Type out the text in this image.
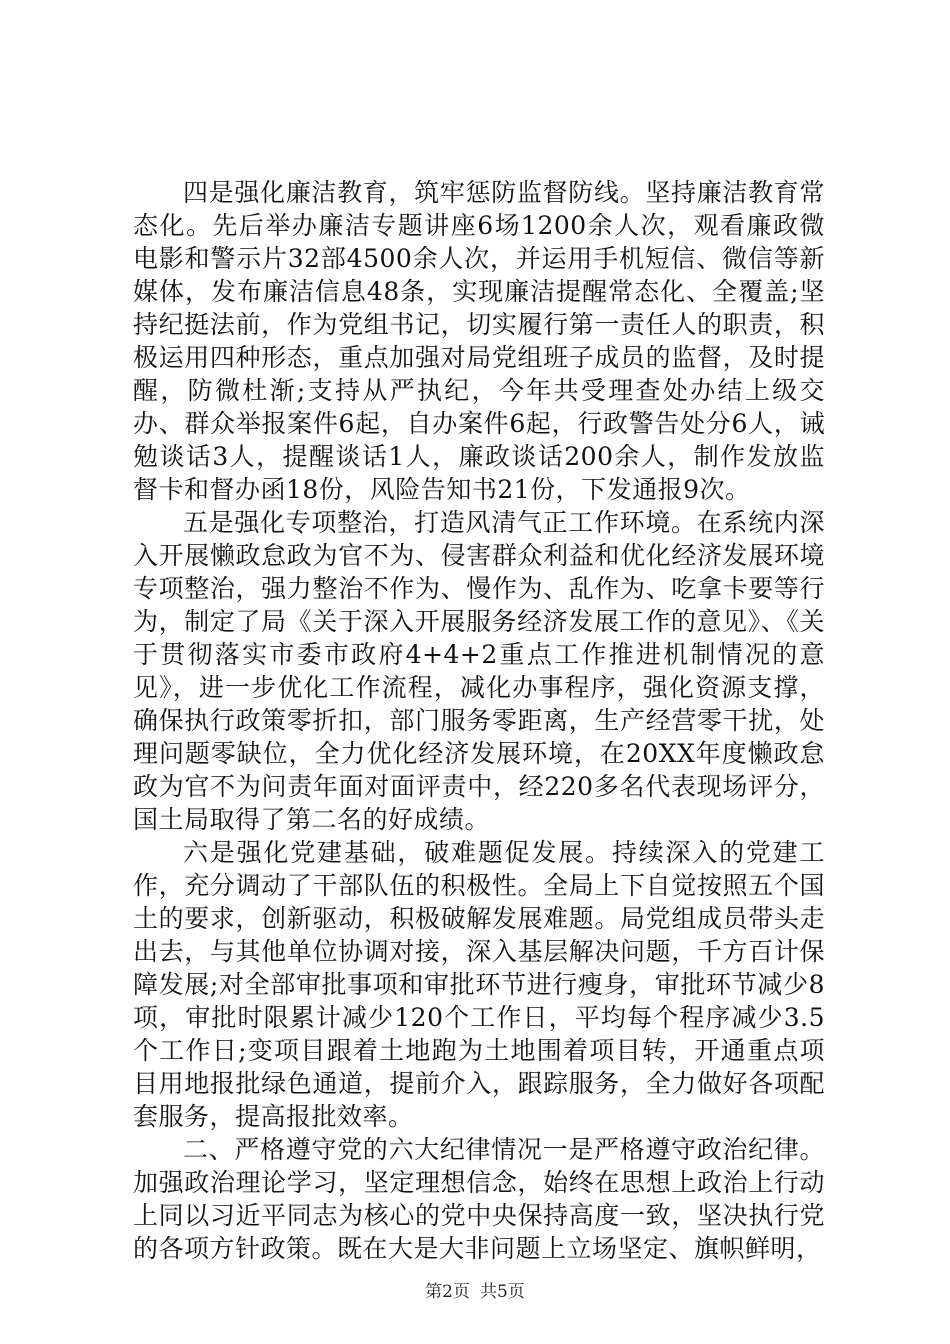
四是强化廉洁教育，筑牢惩防监督防线。坚持廉洁教育常态化。先后举办廉洁专题讲座6场1200余人次，观看廉政微电影和警示片32部4500余人次，并运用手机短信、微信等新媒体，发布廉洁信息48条，实现廉洁提醒常态化、全覆盖;坚持纪挺法前，作为党组书记，切实履行第一责任人的职责，积极运用四种形态，重点加强对局党组班子成员的监督，及时提醒，防微杜渐;支持从严执纪，今年共受理查处办结上级交办、群众举报案件6起，自办案件6起，行政警告处分6人，诫勉谈话3人，提醒谈话1人，廉政谈话200余人，制作发放监督卡和督办函18份，风险告知书21份，下发通报9次。

五是强化专项整治，打造风清气正工作环境。在系统内深入开展懒政怠政为官不为、侵害群众利益和优化经济发展环境专项整治，强力整治不作为、慢作为、乱作为、吃拿卡要等行为，制定了局《关于深入开展服务经济发展工作的意见》、《关于贯彻落实市委市政府4+4+2重点工作推进机制情况的意见》，进一步优化工作流程，减化办事程序，强化资源支撑，确保执行政策零折扣，部门服务零距离，生产经营零干扰，处理问题零缺位，全力优化经济发展环境，在20XX年度懒政怠政为官不为问责年面对面评责中，经220多名代表现场评分，国土局取得了第二名的好成绩。

六是强化党建基础，破难题促发展。持续深入的党建工作，充分调动了干部队伍的积极性。全局上下自觉按照五个国土的要求，创新驱动，积极破解发展难题。局党组成员带头走出去，与其他单位协调对接，深入基层解决问题，千方百计保障发展;对全部审批事项和审批环节进行瘦身，审批环节减少8项，审批时限累计减少120个工作日，平均每个程序减少3.5个工作日;变项目跟着土地跑为土地围着项目转，开通重点项目用地报批绿色通道，提前介入，跟踪服务，全力做好各项配套服务，提高报批效率。

二、严格遵守党的六大纪律情况一是严格遵守政治纪律。加强政治理论学习，坚定理想信念，始终在思想上政治上行动上同以习近平同志为核心的党中央保持高度一致，坚决执行党的各项方针政策。既在大是大非问题上立场坚定、旗帜鲜明，

第2页 共5页
